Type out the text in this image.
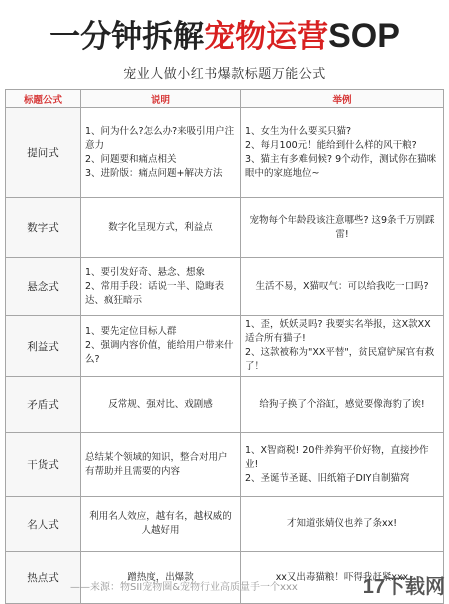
一分钟拆解宠物运营SOP
宠业人做小红书爆款标题万能公式
标题公式	说明	举例
提问式	1、问为什么?怎么办?来吸引用户注意力
2、问题要和痛点相关
3、进阶版：痛点问题+解决方法	1、女生为什么要买只猫?
2、每月100元！能给到什么样的风干粮?
3、猫主有多难伺候? 9个动作，测试你在猫咪眼中的家庭地位~

数字式	数字化呈现方式，利益点	宠物每个年龄段该注意哪些? 这9条千万别踩雷!

悬念式	1、要引发好奇、悬念、想象
2、常用手段：话说一半、隐晦表达、疯狂暗示	生活不易，X猫叹气：可以给我吃一口吗?

利益式	1、要先定位目标人群
2、强调内容价值，能给用户带来什么?	1、歪，妖妖灵吗? 我要实名举报，这X款XX适合所有猫子!
2、这款被称为"XX平替"，贫民窟铲屎官有救了！

矛盾式	反常规、强对比、戏剧感	给狗子换了个浴缸，感觉要像海豹了诶!

干货式	总结某个领域的知识，整合对用户有帮助并且需要的内容	1、X智商税! 20件养狗平价好物，直接抄作业!
2、圣诞节圣诞、旧纸箱子DIY自制猫窝

名人式	利用名人效应，越有名，越权威的人越好用	才知道张婧仪也养了条xx!

热点式	蹭热度，出爆款	xx又出毒猫粮！吓得我赶紧xxx
——来源：物SII宠物圈&宠物行业高质量手一个xxx	17下载网
